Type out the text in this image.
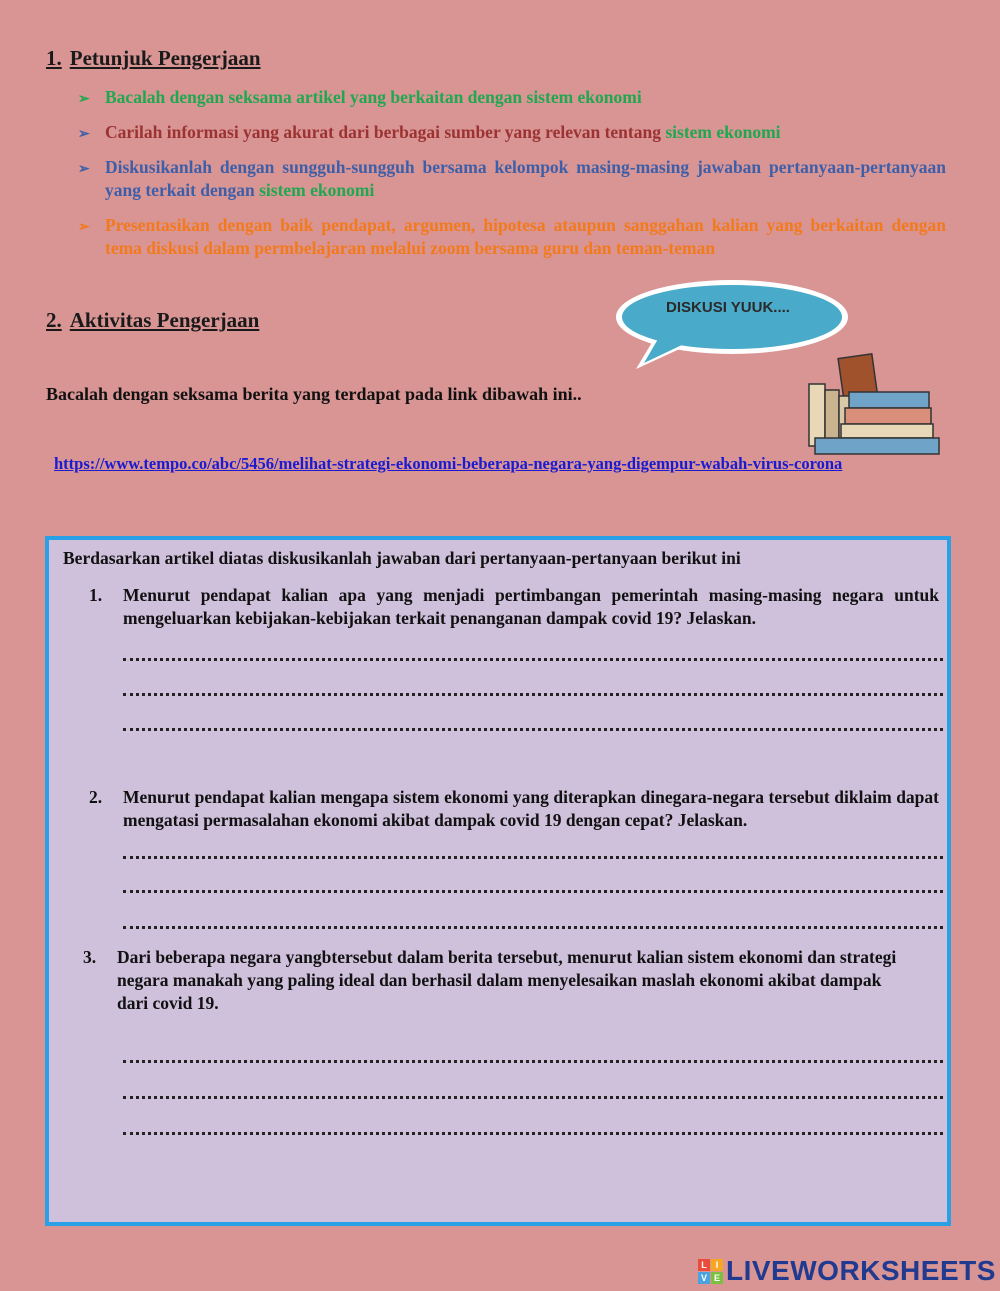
1. Petunjuk Pengerjaan
➢ Bacalah dengan seksama artikel yang berkaitan dengan sistem ekonomi
➢ Carilah informasi yang akurat dari berbagai sumber yang relevan tentang sistem ekonomi
➢ Diskusikanlah dengan sungguh-sungguh bersama kelompok masing-masing jawaban pertanyaan-pertanyaan yang terkait dengan sistem ekonomi
➢ Presentasikan dengan baik pendapat, argumen, hipotesa ataupun sanggahan kalian yang berkaitan dengan tema diskusi dalam permbelajaran melalui zoom bersama guru dan teman-teman
2. Aktivitas Pengerjaan
DISKUSI YUUK....
Bacalah dengan seksama berita yang terdapat pada link dibawah ini..
https://www.tempo.co/abc/5456/melihat-strategi-ekonomi-beberapa-negara-yang-digempur-wabah-virus-corona
Berdasarkan artikel diatas diskusikanlah jawaban dari pertanyaan-pertanyaan berikut ini
1.	Menurut pendapat kalian apa yang menjadi pertimbangan pemerintah masing-masing negara untuk mengeluarkan kebijakan-kebijakan terkait penanganan dampak covid 19? Jelaskan.
2.	Menurut pendapat kalian mengapa sistem ekonomi yang diterapkan dinegara-negara tersebut diklaim dapat mengatasi permasalahan ekonomi akibat dampak covid 19 dengan cepat? Jelaskan.
3.	Dari beberapa negara yangbtersebut dalam berita tersebut, menurut kalian sistem ekonomi dan strategi negara manakah yang paling ideal dan berhasil dalam menyelesaikan maslah ekonomi akibat dampak dari covid 19.
L I
V E LIVEWORKSHEETS
